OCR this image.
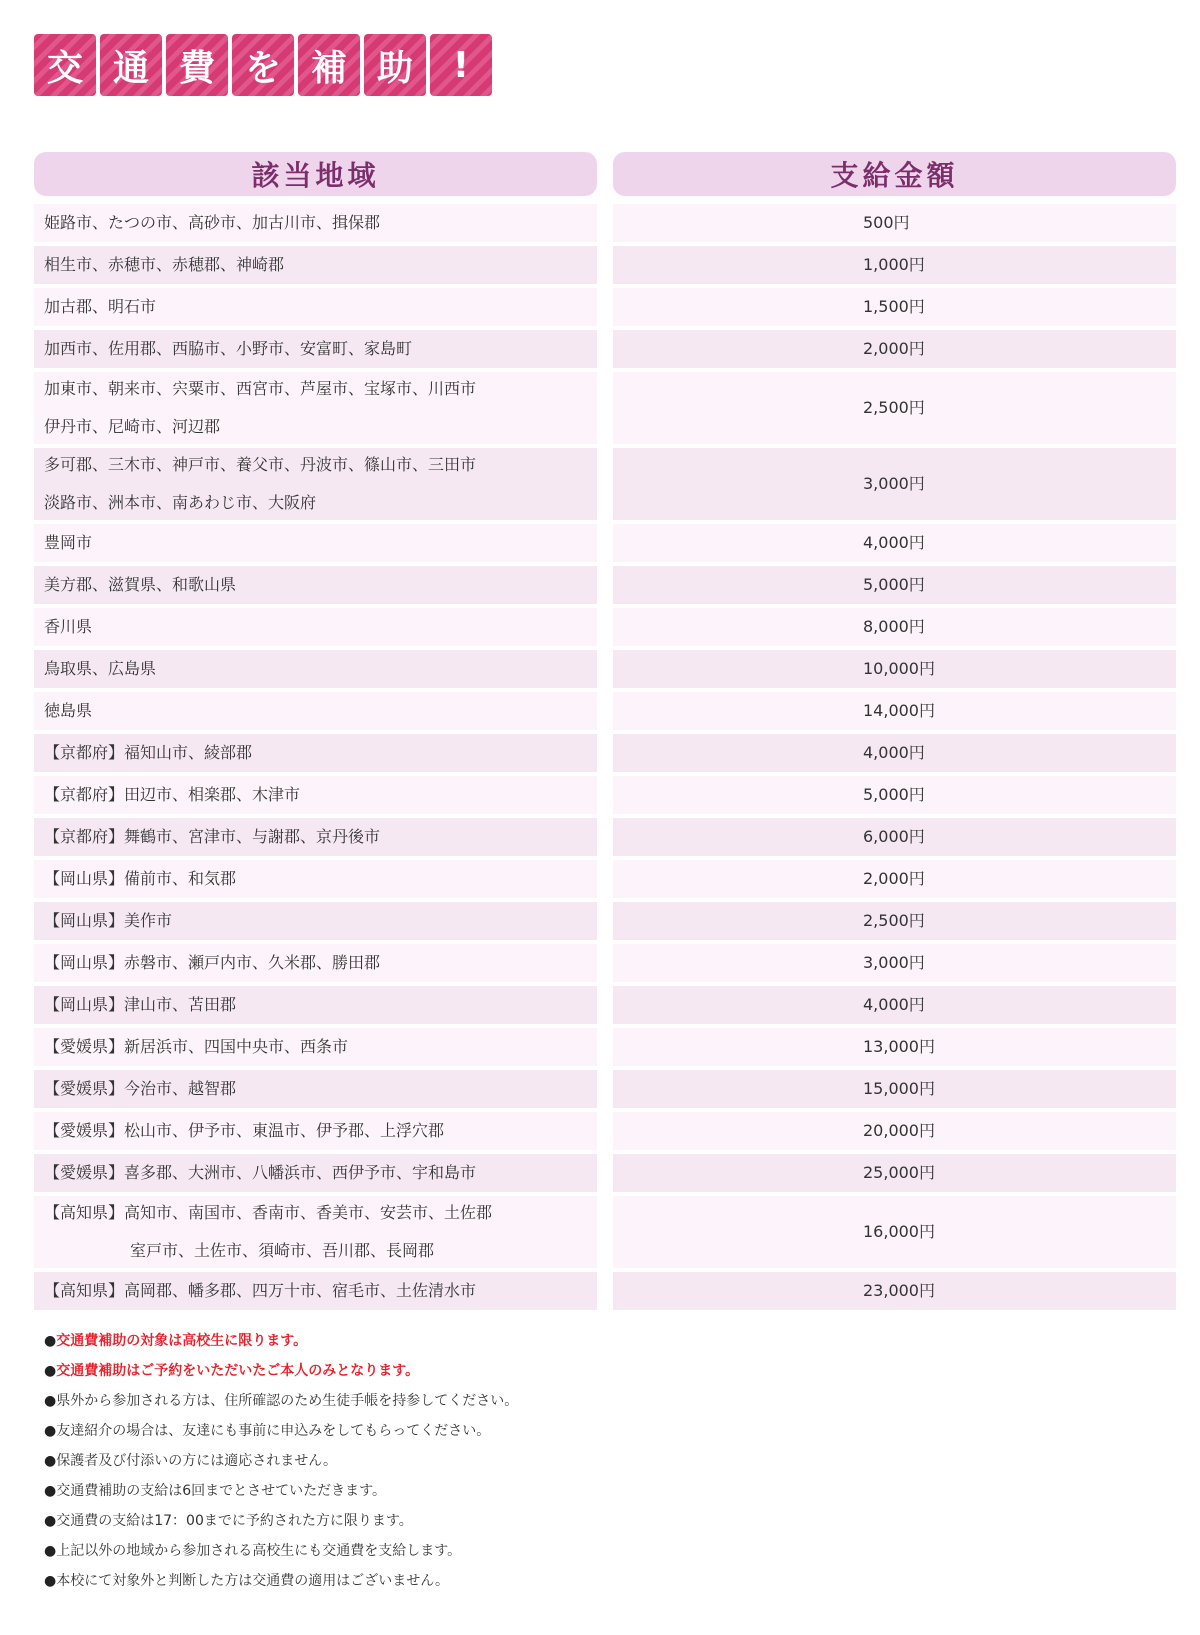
交 通 費 を 補 助	!
該当地域
姫路市、たつの市、高砂市、加古川市、揖保郡
相生市、赤穂市、赤穂郡、神崎郡
加古郡、明石市
加西市、佐用郡、西脇市、小野市、安富町、家島町
加東市、朝来市、宍粟市、西宮市、芦屋市、宝塚市、川西市
伊丹市、尼崎市、河辺郡
多可郡、三木市、神戸市、養父市、丹波市、篠山市、三田市
淡路市、洲本市、南あわじ市、大阪府
豊岡市
美方郡、滋賀県、和歌山県
香川県
鳥取県、広島県
徳島県
【京都府】福知山市、綾部郡
【京都府】田辺市、相楽郡、木津市
【京都府】舞鶴市、宮津市、与謝郡、京丹後市
【岡山県】備前市、和気郡
【岡山県】美作市
【岡山県】赤磐市、瀬戸内市、久米郡、勝田郡
【岡山県】津山市、苫田郡
【愛媛県】新居浜市、四国中央市、西条市
【愛媛県】今治市、越智郡
【愛媛県】松山市、伊予市、東温市、伊予郡、上浮穴郡
【愛媛県】喜多郡、大洲市、八幡浜市、西伊予市、宇和島市
【高知県】高知市、南国市、香南市、香美市、安芸市、土佐郡
室戸市、土佐市、須崎市、吾川郡、長岡郡
【高知県】高岡郡、幡多郡、四万十市、宿毛市、土佐清水市
支給金額
500円
1,000円
1,500円
2,000円
2,500円
3,000円
4,000円
5,000円
8,000円
10,000円
14,000円
4,000円
5,000円
6,000円
2,000円
2,500円
3,000円
4,000円
13,000円
15,000円
20,000円
25,000円
16,000円
23,000円
●交通費補助の対象は高校生に限ります。
●交通費補助はご予約をいただいたご本人のみとなります。
●県外から参加される方は、住所確認のため生徒手帳を持参してください。
●友達紹介の場合は、友達にも事前に申込みをしてもらってください。
●保護者及び付添いの方には適応されません。
●交通費補助の支給は6回までとさせていただきます。
●交通費の支給は17：00までに予約された方に限ります。
●上記以外の地域から参加される高校生にも交通費を支給します。
●本校にて対象外と判断した方は交通費の適用はございません。
